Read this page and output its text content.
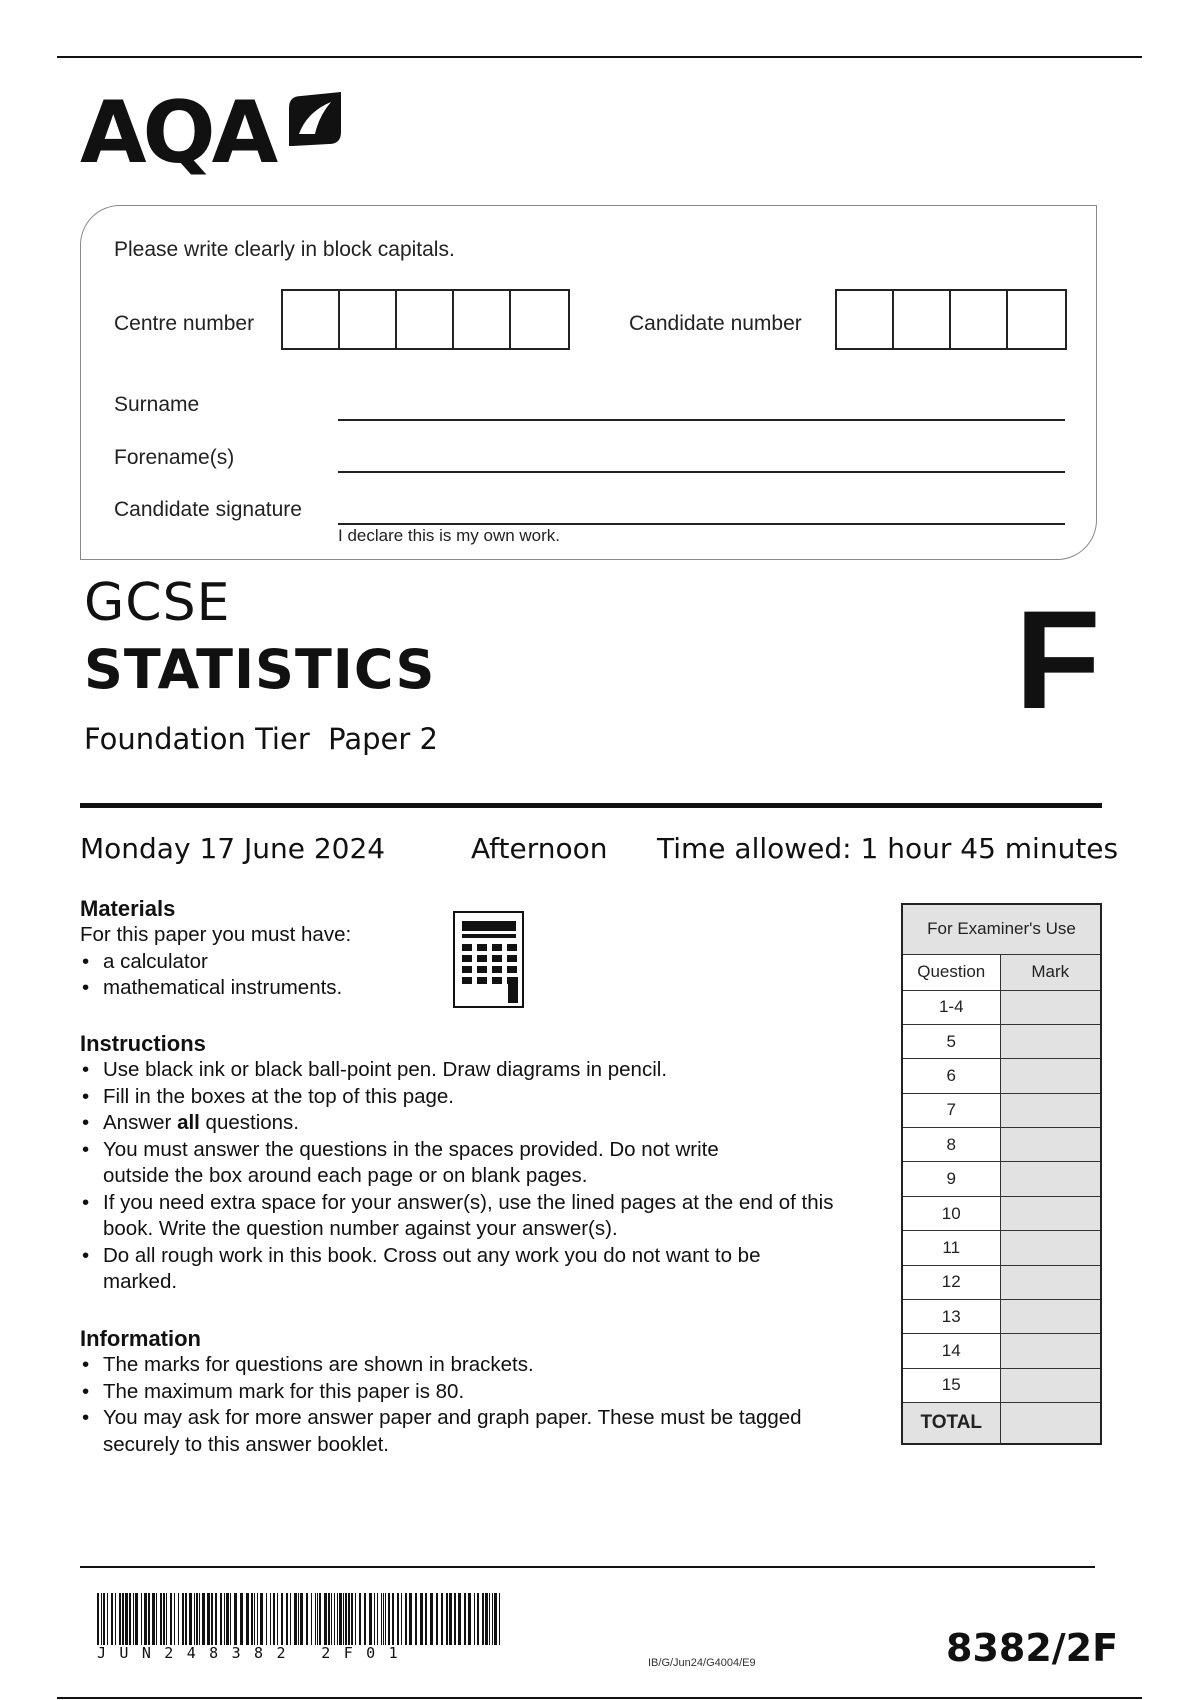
AQA
Please write clearly in block capitals.
Centre number	Candidate number
Surname
Forename(s)
Candidate signature
I declare this is my own work.
GCSE
STATISTICS
Foundation Tier  Paper 2
F
Monday 17 June 2024	Afternoon Time allowed: 1 hour 45 minutes
Materials
For this paper you must have:
• a calculator
• mathematical instruments.
Instructions
• Use black ink or black ball-point pen. Draw diagrams in pencil.
• Fill in the boxes at the top of this page.
• Answer all questions.
• You must answer the questions in the spaces provided. Do not write outside the box around each page or on blank pages.
• If you need extra space for your answer(s), use the lined pages at the end of this book. Write the question number against your answer(s).
• Do all rough work in this book. Cross out any work you do not want to be marked.
Information
• The marks for questions are shown in brackets.
• The maximum mark for this paper is 80.
• You may ask for more answer paper and graph paper. These must be tagged securely to this answer booklet.
For Examiner's Use	
Question	Mark
1-4	
5	
6	
7	
8	
9	
10	
11	
12	
13	
14	
15	
TOTAL	
JUN248382 2F01
IB/G/Jun24/G4004/E9	8382/2F
